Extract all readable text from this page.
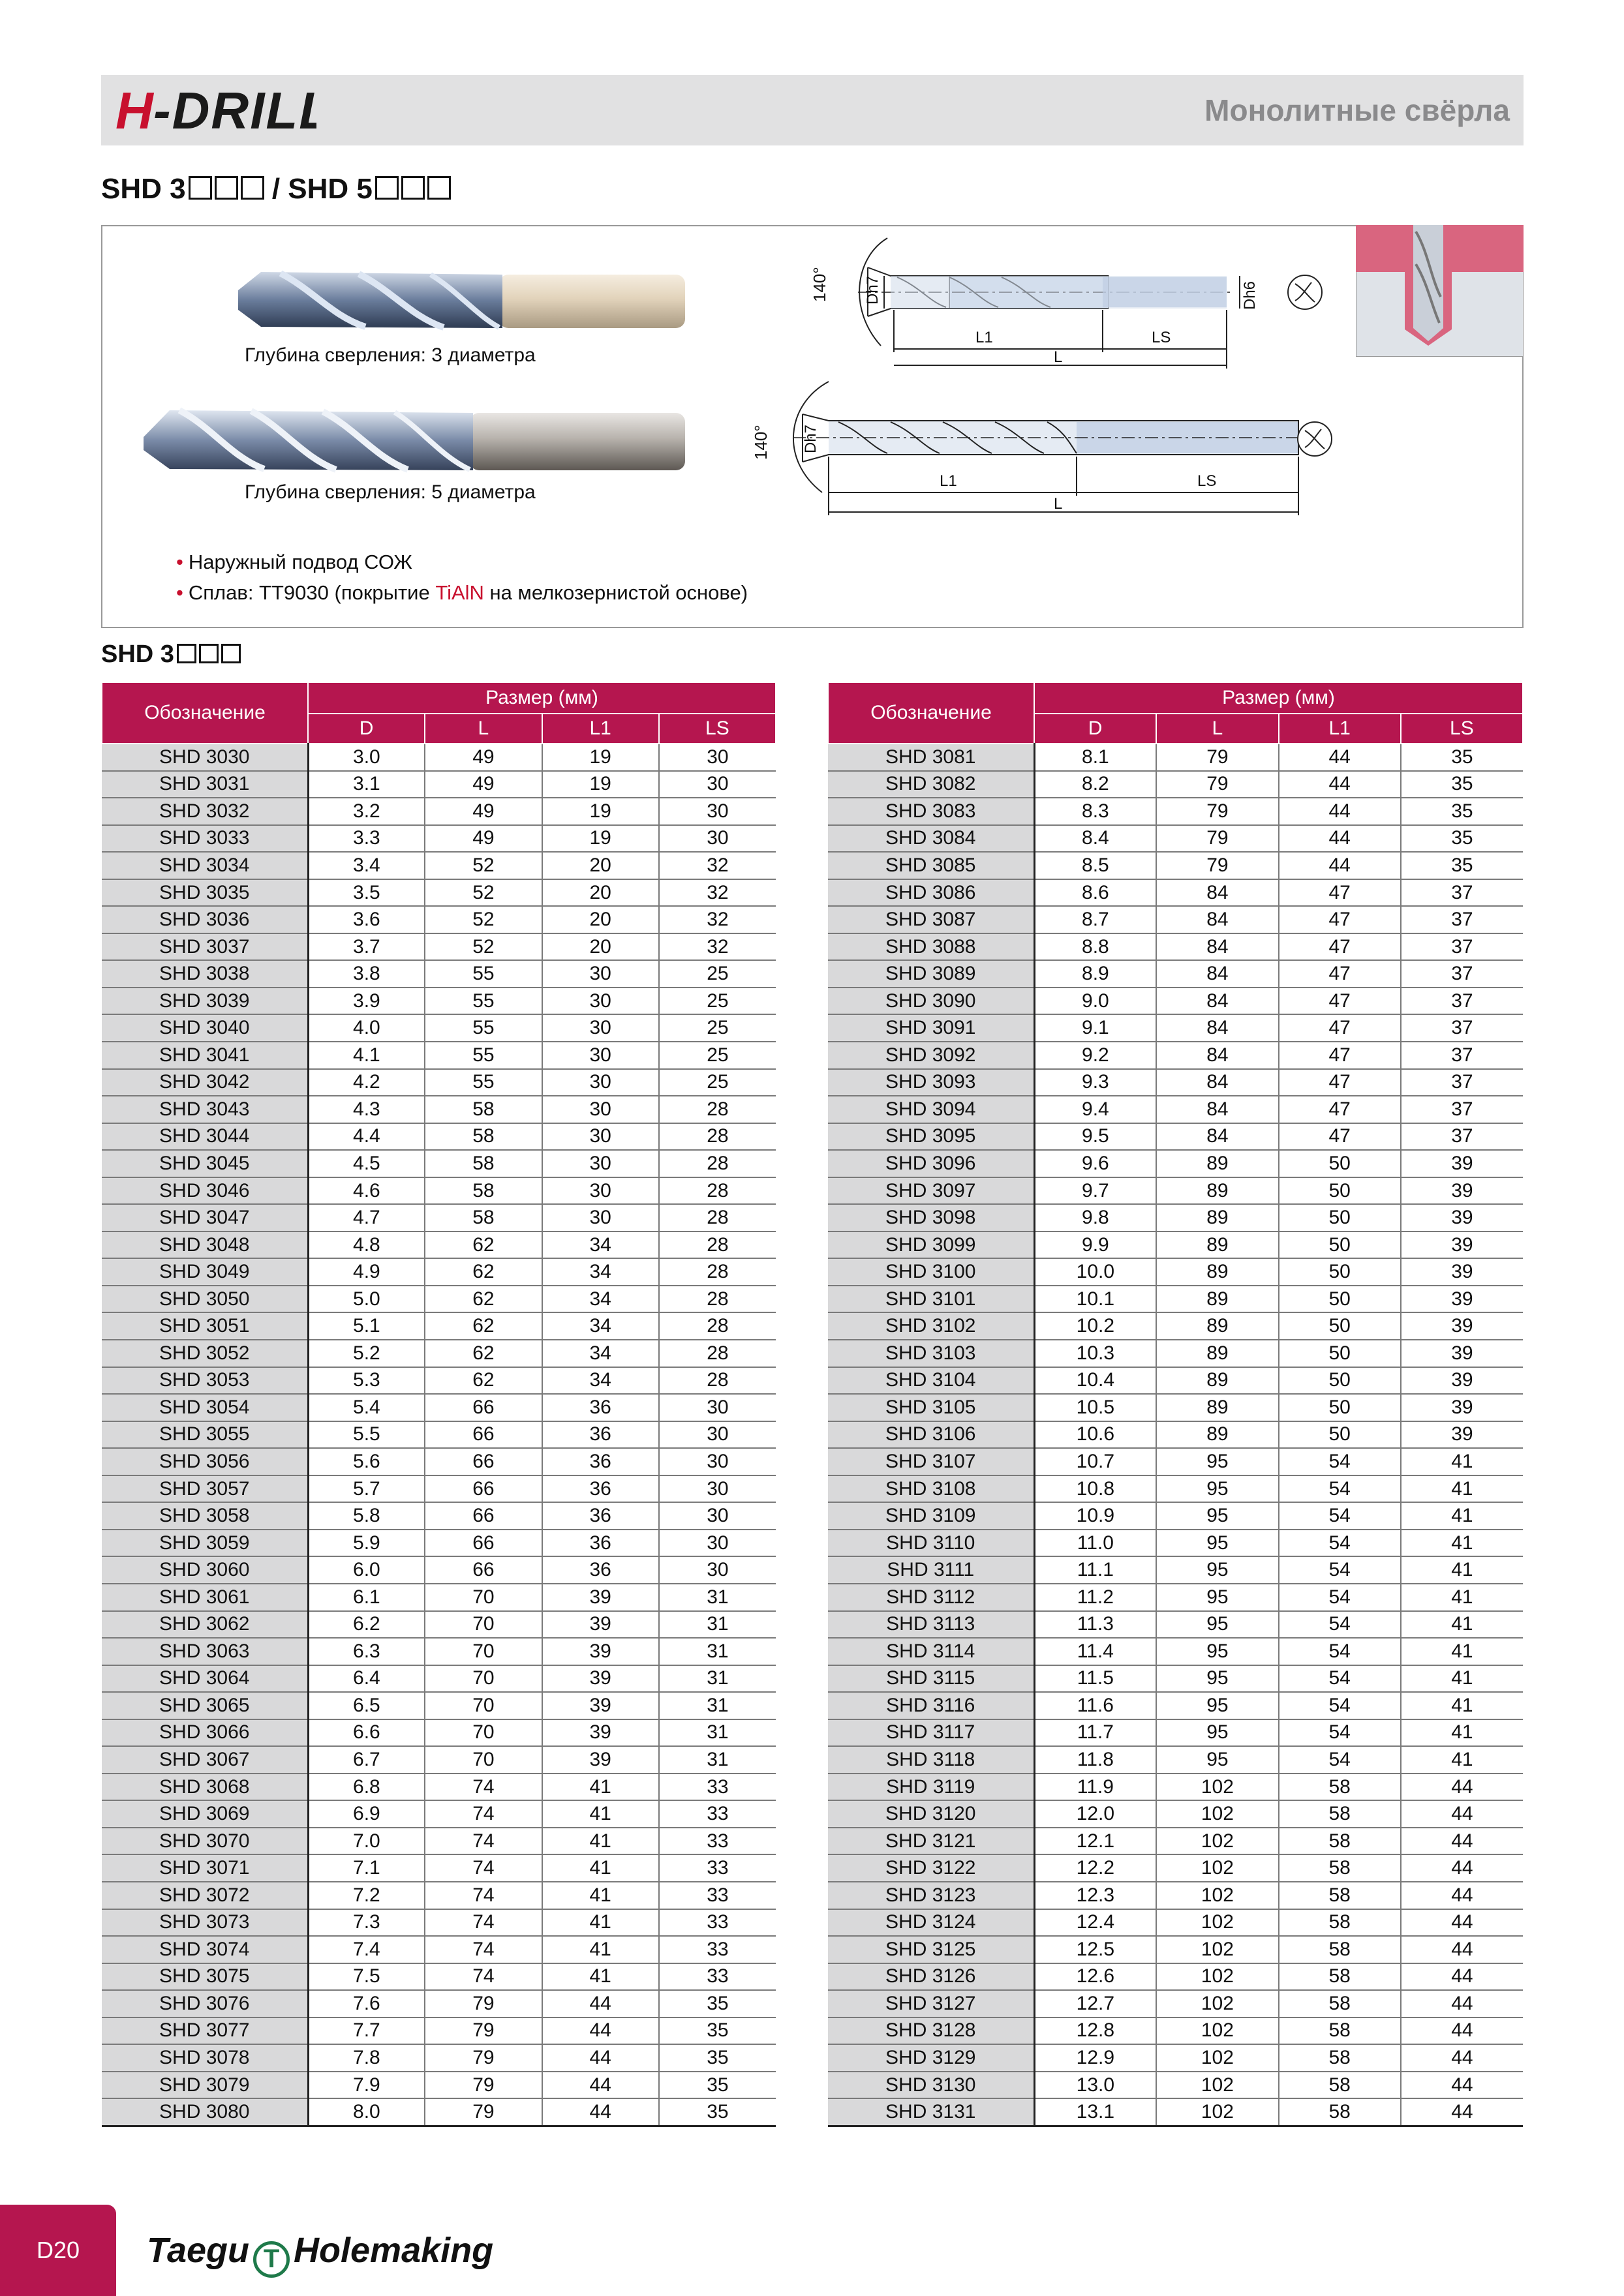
H
-DRILL	Монолитные свёрла
SHD 3	/ SHD 5
Глубина сверления: 3 диаметра
Глубина сверления: 5 диаметра
140° Dh7	Dh6
L1	LS
L
140° Dh7
L1	LS
L
• Наружный подвод СОЖ
• Сплав: TT9030 (покрытие TiAlN на мелкозернистой основе)
SHD 3
Обозначение	Размер (мм)			
	D	L	L1	LS
SHD 3030	3.0	49	19	30
SHD 3031	3.1	49	19	30
SHD 3032	3.2	49	19	30
SHD 3033	3.3	49	19	30
SHD 3034	3.4	52	20	32
SHD 3035	3.5	52	20	32
SHD 3036	3.6	52	20	32
SHD 3037	3.7	52	20	32
SHD 3038	3.8	55	30	25
SHD 3039	3.9	55	30	25
SHD 3040	4.0	55	30	25
SHD 3041	4.1	55	30	25
SHD 3042	4.2	55	30	25
SHD 3043	4.3	58	30	28
SHD 3044	4.4	58	30	28
SHD 3045	4.5	58	30	28
SHD 3046	4.6	58	30	28
SHD 3047	4.7	58	30	28
SHD 3048	4.8	62	34	28
SHD 3049	4.9	62	34	28
SHD 3050	5.0	62	34	28
SHD 3051	5.1	62	34	28
SHD 3052	5.2	62	34	28
SHD 3053	5.3	62	34	28
SHD 3054	5.4	66	36	30
SHD 3055	5.5	66	36	30
SHD 3056	5.6	66	36	30
SHD 3057	5.7	66	36	30
SHD 3058	5.8	66	36	30
SHD 3059	5.9	66	36	30
SHD 3060	6.0	66	36	30
SHD 3061	6.1	70	39	31
SHD 3062	6.2	70	39	31
SHD 3063	6.3	70	39	31
SHD 3064	6.4	70	39	31
SHD 3065	6.5	70	39	31
SHD 3066	6.6	70	39	31
SHD 3067	6.7	70	39	31
SHD 3068	6.8	74	41	33
SHD 3069	6.9	74	41	33
SHD 3070	7.0	74	41	33
SHD 3071	7.1	74	41	33
SHD 3072	7.2	74	41	33
SHD 3073	7.3	74	41	33
SHD 3074	7.4	74	41	33
SHD 3075	7.5	74	41	33
SHD 3076	7.6	79	44	35
SHD 3077	7.7	79	44	35
SHD 3078	7.8	79	44	35
SHD 3079	7.9	79	44	35
SHD 3080	8.0	79	44	35
Обозначение	Размер (мм)			
	D	L	L1	LS
SHD 3081	8.1	79	44	35
SHD 3082	8.2	79	44	35
SHD 3083	8.3	79	44	35
SHD 3084	8.4	79	44	35
SHD 3085	8.5	79	44	35
SHD 3086	8.6	84	47	37
SHD 3087	8.7	84	47	37
SHD 3088	8.8	84	47	37
SHD 3089	8.9	84	47	37
SHD 3090	9.0	84	47	37
SHD 3091	9.1	84	47	37
SHD 3092	9.2	84	47	37
SHD 3093	9.3	84	47	37
SHD 3094	9.4	84	47	37
SHD 3095	9.5	84	47	37
SHD 3096	9.6	89	50	39
SHD 3097	9.7	89	50	39
SHD 3098	9.8	89	50	39
SHD 3099	9.9	89	50	39
SHD 3100	10.0	89	50	39
SHD 3101	10.1	89	50	39
SHD 3102	10.2	89	50	39
SHD 3103	10.3	89	50	39
SHD 3104	10.4	89	50	39
SHD 3105	10.5	89	50	39
SHD 3106	10.6	89	50	39
SHD 3107	10.7	95	54	41
SHD 3108	10.8	95	54	41
SHD 3109	10.9	95	54	41
SHD 3110	11.0	95	54	41
SHD 3111	11.1	95	54	41
SHD 3112	11.2	95	54	41
SHD 3113	11.3	95	54	41
SHD 3114	11.4	95	54	41
SHD 3115	11.5	95	54	41
SHD 3116	11.6	95	54	41
SHD 3117	11.7	95	54	41
SHD 3118	11.8	95	54	41
SHD 3119	11.9	102	58	44
SHD 3120	12.0	102	58	44
SHD 3121	12.1	102	58	44
SHD 3122	12.2	102	58	44
SHD 3123	12.3	102	58	44
SHD 3124	12.4	102	58	44
SHD 3125	12.5	102	58	44
SHD 3126	12.6	102	58	44
SHD 3127	12.7	102	58	44
SHD 3128	12.8	102	58	44
SHD 3129	12.9	102	58	44
SHD 3130	13.0	102	58	44
SHD 3131	13.1	102	58	44
D20	Taegu T Holemaking
